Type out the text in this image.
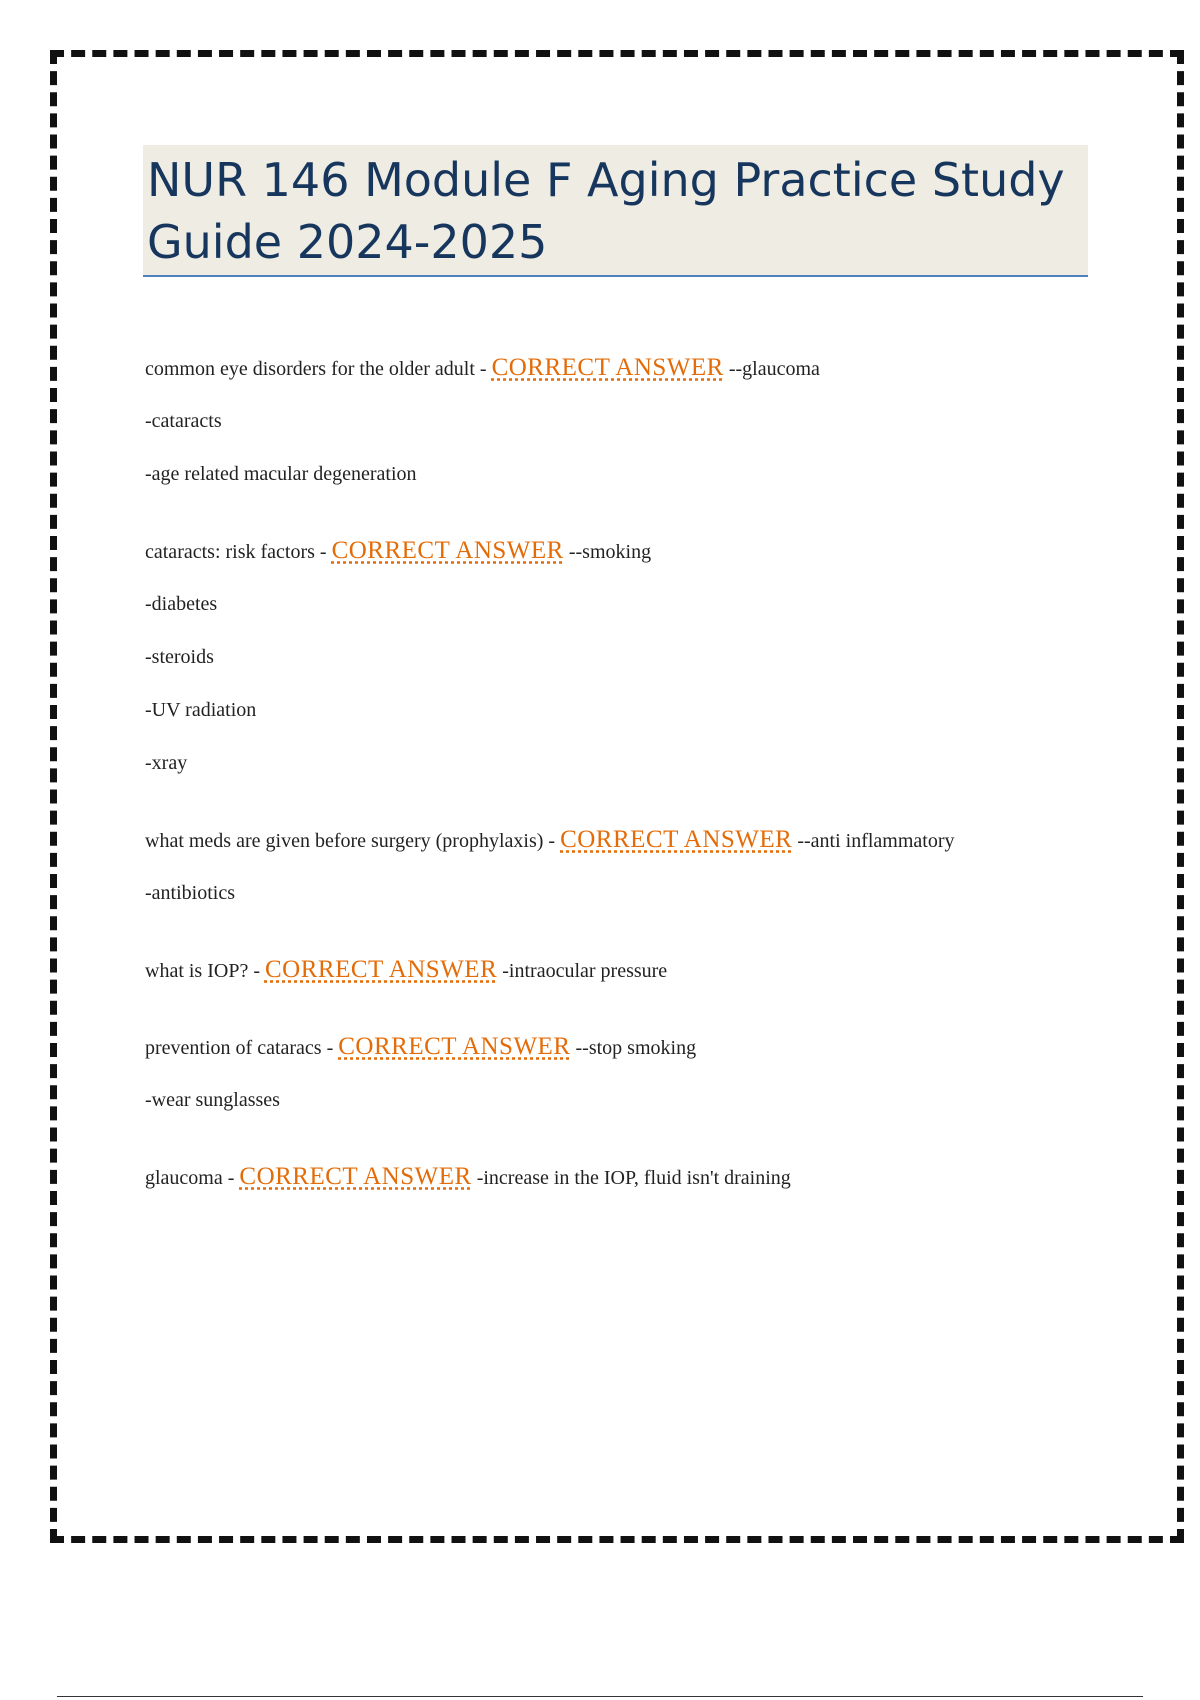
NUR 146 Module F Aging Practice Study Guide 2024-2025

common eye disorders for the older adult - CORRECT ANSWER --glaucoma

-cataracts

-age related macular degeneration

cataracts: risk factors - CORRECT ANSWER --smoking

-diabetes

-steroids

-UV radiation

-xray

what meds are given before surgery (prophylaxis) - CORRECT ANSWER --anti inflammatory

-antibiotics

what is IOP? - CORRECT ANSWER -intraocular pressure

prevention of cataracs - CORRECT ANSWER --stop smoking

-wear sunglasses

glaucoma - CORRECT ANSWER -increase in the IOP, fluid isn't draining
